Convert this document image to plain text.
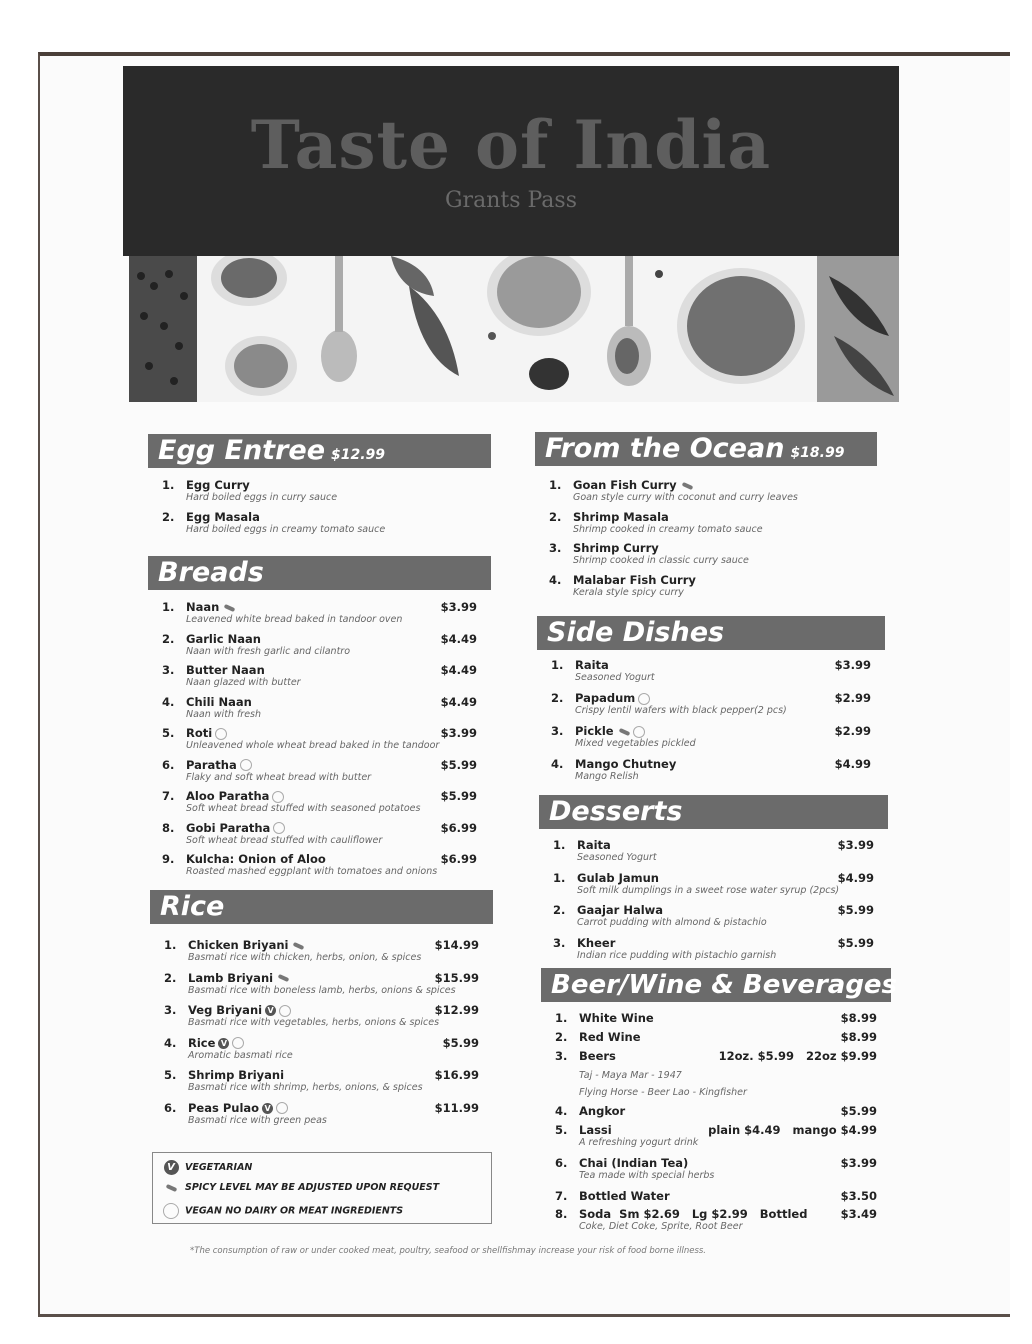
Taste of India
Grants Pass
Egg Entree $12.99
1. Egg Curry
Hard boiled eggs in curry sauce
2. Egg Masala
Hard boiled eggs in creamy tomato sauce
Breads
1. Naan
Leavened white bread baked in tandoor oven
$3.99
2. Garlic Naan
Naan with fresh garlic and cilantro
$4.49
3. Butter Naan
Naan glazed with butter
$4.49
4. Chili Naan
Naan with fresh
$4.49
5. Roti
Unleavened whole wheat bread baked in the tandoor
$3.99
6. Paratha
Flaky and soft wheat bread with butter
$5.99
7. Aloo Paratha
Soft wheat bread stuffed with seasoned potatoes
$5.99
8. Gobi Paratha
Soft wheat bread stuffed with cauliflower
$6.99
9. Kulcha: Onion of Aloo
Roasted mashed eggplant with tomatoes and onions
$6.99
Rice
1. Chicken Briyani
Basmati rice with chicken, herbs, onion, & spices
$14.99
2. Lamb Briyani
Basmati rice with boneless lamb, herbs, onions & spices
$15.99
3. Veg Briyani V
Basmati rice with vegetables, herbs, onions & spices
$12.99
4. Rice V
Aromatic basmati rice
$5.99
5. Shrimp Briyani
Basmati rice with shrimp, herbs, onions, & spices
$16.99
6. Peas Pulao V
Basmati rice with green peas
$11.99
V VEGETARIAN
SPICY LEVEL MAY BE ADJUSTED UPON REQUEST
VEGAN NO DAIRY OR MEAT INGREDIENTS
From the Ocean $18.99
1. Goan Fish Curry
Goan style curry with coconut and curry leaves
2. Shrimp Masala
Shrimp cooked in creamy tomato sauce
3. Shrimp Curry
Shrimp cooked in classic curry sauce
4. Malabar Fish Curry
Kerala style spicy curry
Side Dishes
1. Raita
Seasoned Yogurt
$3.99
2. Papadum
Crispy lentil wafers with black pepper(2 pcs)
$2.99
3. Pickle
Mixed vegetables pickled
$2.99
4. Mango Chutney
Mango Relish
$4.99
Desserts
1. Raita
Seasoned Yogurt
$3.99
1. Gulab Jamun
Soft milk dumplings in a sweet rose water syrup (2pcs)
$4.99
2. Gaajar Halwa
Carrot pudding with almond & pistachio
$5.99
3. Kheer
Indian rice pudding with pistachio garnish
$5.99
Beer/Wine & Beverages
1. White Wine	$8.99
2. Red Wine	$8.99
3. Beers	12oz. $5.99   22oz $9.99
Taj - Maya Mar - 1947
Flying Horse - Beer Lao - Kingfisher
4. Angkor	$5.99
5. Lassi
A refreshing yogurt drink
plain $4.49   mango $4.99
6. Chai (Indian Tea)
Tea made with special herbs
$3.99
7. Bottled Water	$3.50
8. Soda  Sm $2.69   Lg $2.99   Bottled
Coke, Diet Coke, Sprite, Root Beer
$3.49
*The consumption of raw or under cooked meat, poultry, seafood or shellfishmay increase your risk of food borne illness.
